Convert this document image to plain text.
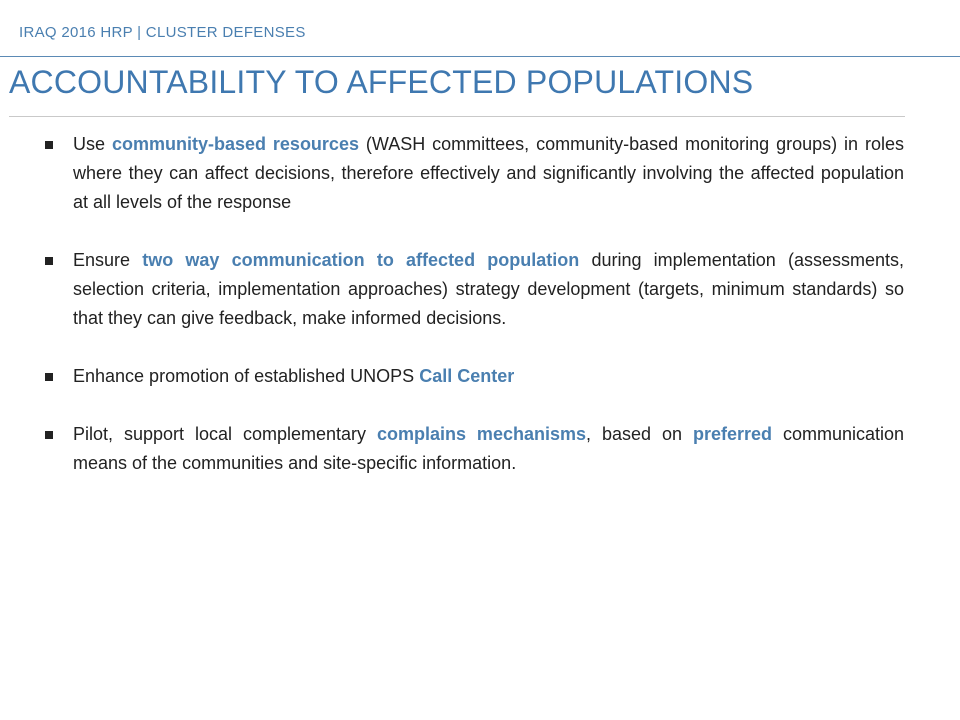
IRAQ 2016 HRP | CLUSTER DEFENSES
ACCOUNTABILITY TO AFFECTED POPULATIONS
Use community-based resources (WASH committees, community-based monitoring groups) in roles where they can affect decisions, therefore effectively and significantly involving the affected population at all levels of the response
Ensure two way communication to affected population during implementation (assessments, selection criteria, implementation approaches) strategy development (targets, minimum standards) so that they can give feedback, make informed decisions.
Enhance promotion of established UNOPS Call Center
Pilot, support local complementary complains mechanisms, based on preferred communication means of the communities and site-specific information.
